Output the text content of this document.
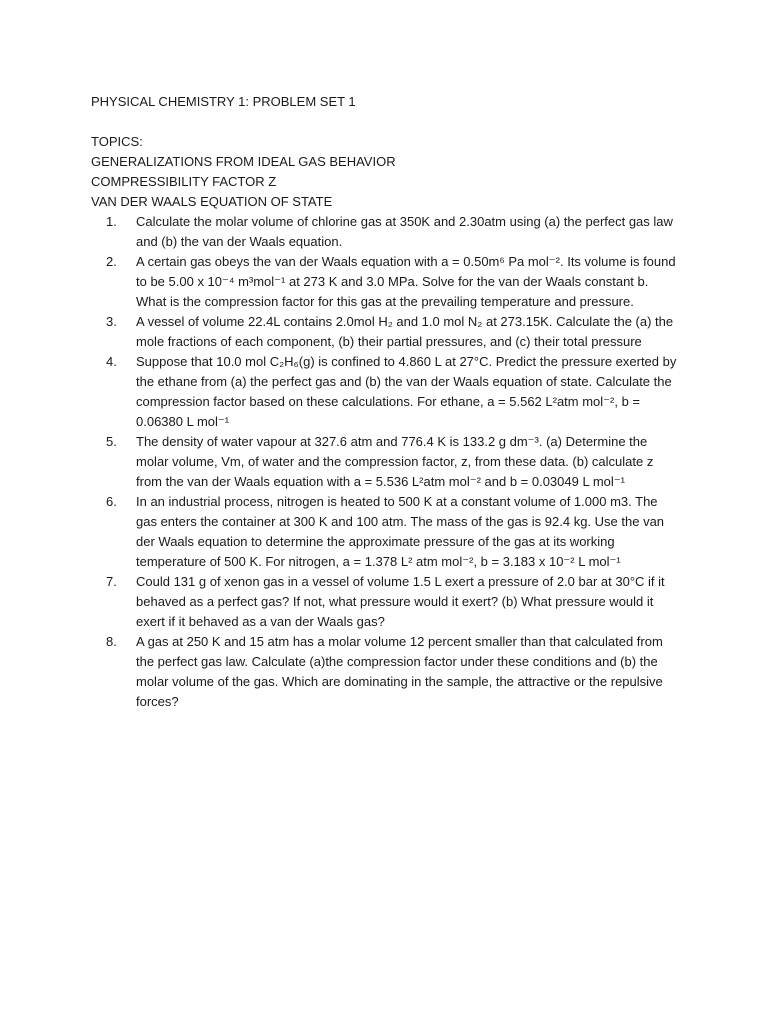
PHYSICAL CHEMISTRY 1: PROBLEM SET 1
TOPICS:
GENERALIZATIONS FROM IDEAL GAS BEHAVIOR
COMPRESSIBILITY FACTOR Z
VAN DER WAALS EQUATION OF STATE
1.	Calculate the molar volume of chlorine gas at 350K and 2.30atm using (a) the perfect gas law and (b) the van der Waals equation.
2.	A certain gas obeys the van der Waals equation with a = 0.50m⁶ Pa mol⁻². Its volume is found to be 5.00 x 10⁻⁴ m³mol⁻¹ at 273 K and 3.0 MPa. Solve for the van der Waals constant b. What is the compression factor for this gas at the prevailing temperature and pressure.
3.	A vessel of volume 22.4L contains 2.0mol H₂ and 1.0 mol N₂ at 273.15K. Calculate the (a) the mole fractions of each component, (b) their partial pressures, and (c) their total pressure
4.	Suppose that 10.0 mol C₂H₆(g) is confined to 4.860 L at 27°C. Predict the pressure exerted by the ethane from (a) the perfect gas and (b) the van der Waals equation of state. Calculate the compression factor based on these calculations. For ethane, a = 5.562 L²atm mol⁻², b = 0.06380 L mol⁻¹
5.	The density of water vapour at 327.6 atm and 776.4 K is 133.2 g dm⁻³. (a) Determine the molar volume, Vm, of water and the compression factor, z, from these data. (b) calculate z from the van der Waals equation with a = 5.536 L²atm mol⁻² and b = 0.03049 L mol⁻¹
6.	In an industrial process, nitrogen is heated to 500 K at a constant volume of 1.000 m3. The gas enters the container at 300 K and 100 atm. The mass of the gas is 92.4 kg. Use the van der Waals equation to determine the approximate pressure of the gas at its working temperature of 500 K. For nitrogen, a = 1.378 L² atm mol⁻², b = 3.183 x 10⁻² L mol⁻¹
7.	Could 131 g of xenon gas in a vessel of volume 1.5 L exert a pressure of 2.0 bar at 30°C if it behaved as a perfect gas? If not, what pressure would it exert? (b) What pressure would it exert if it behaved as a van der Waals gas?
8.	A gas at 250 K and 15 atm has a molar volume 12 percent smaller than that calculated from the perfect gas law. Calculate (a)the compression factor under these conditions and (b) the molar volume of the gas. Which are dominating in the sample, the attractive or the repulsive forces?
